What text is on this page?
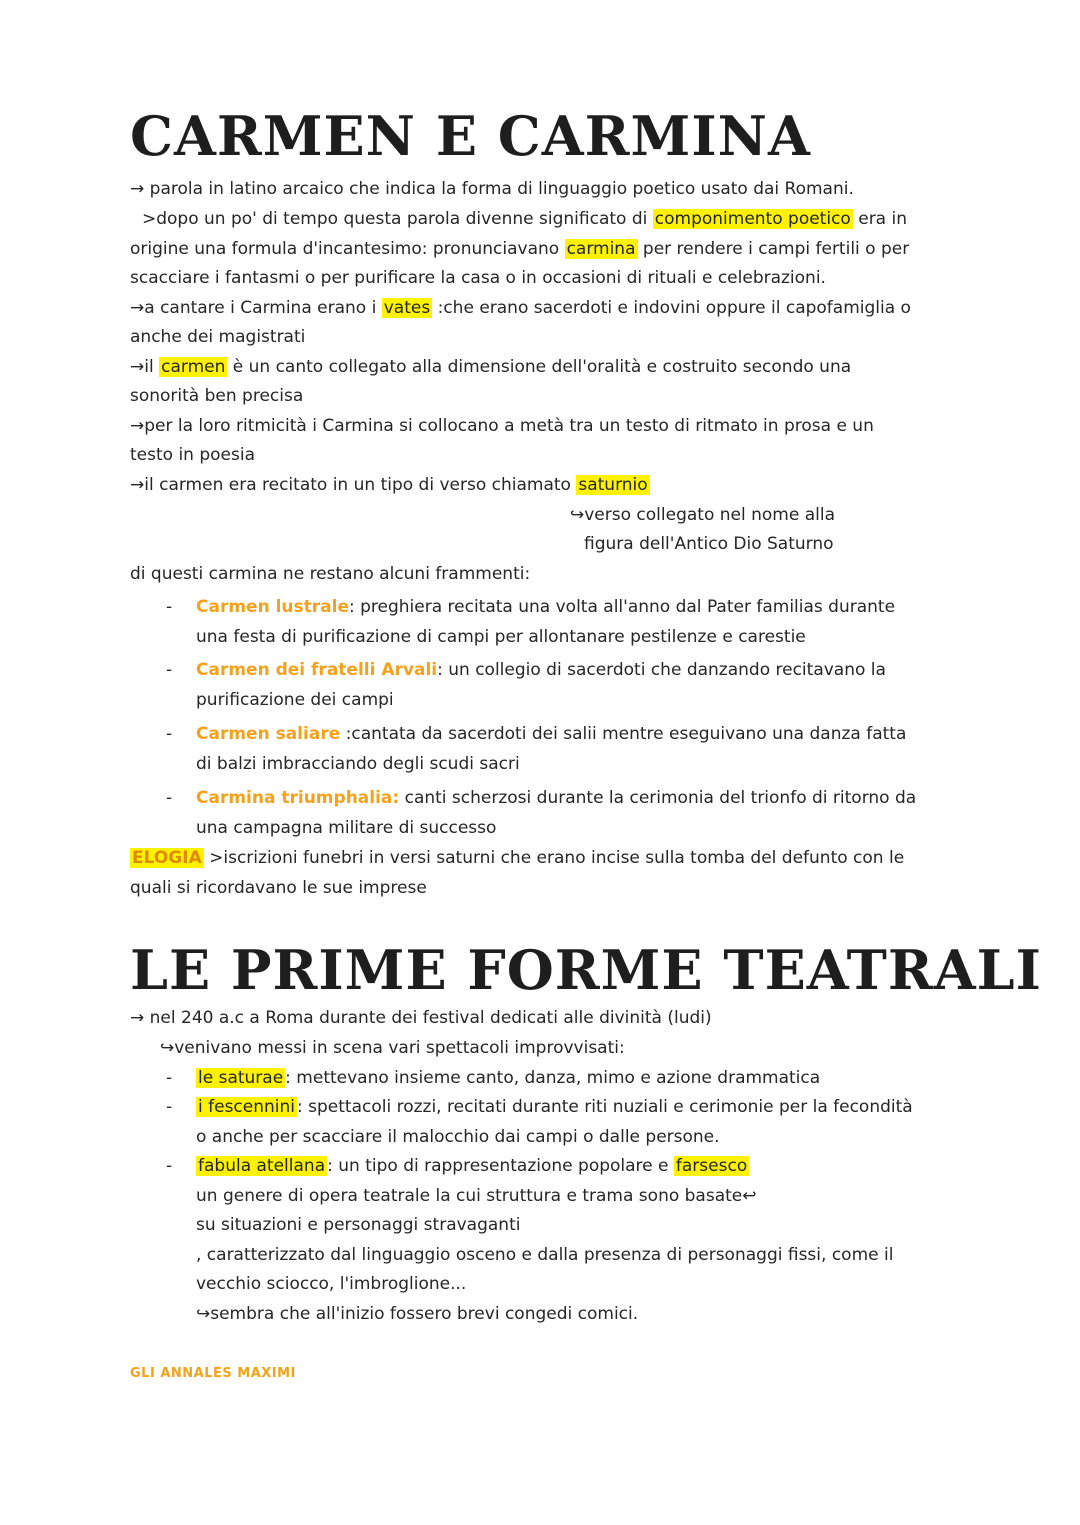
CARMEN E CARMINA
→ parola in latino arcaico che indica la forma di linguaggio poetico usato dai Romani.
>dopo un po' di tempo questa parola divenne significato di componimento poetico era in
origine una formula d'incantesimo: pronunciavano carmina per rendere i campi fertili o per
scacciare i fantasmi o per purificare la casa o in occasioni di rituali e celebrazioni.
→a cantare i Carmina erano i vates :che erano sacerdoti e indovini oppure il capofamiglia o
anche dei magistrati
→il carmen è un canto collegato alla dimensione dell'oralità e costruito secondo una
sonorità ben precisa
→per la loro ritmicità i Carmina si collocano a metà tra un testo di ritmato in prosa e un
testo in poesia
→il carmen era recitato in un tipo di verso chiamato saturnio
↪verso collegato nel nome alla
figura dell'Antico Dio Saturno
di questi carmina ne restano alcuni frammenti:
- Carmen lustrale: preghiera recitata una volta all'anno dal Pater familias durante
una festa di purificazione di campi per allontanare pestilenze e carestie
- Carmen dei fratelli Arvali: un collegio di sacerdoti che danzando recitavano la
purificazione dei campi
- Carmen saliare :cantata da sacerdoti dei salii mentre eseguivano una danza fatta
di balzi imbracciando degli scudi sacri
- Carmina triumphalia: canti scherzosi durante la cerimonia del trionfo di ritorno da
una campagna militare di successo
ELOGIA >iscrizioni funebri in versi saturni che erano incise sulla tomba del defunto con le
quali si ricordavano le sue imprese
LE PRIME FORME TEATRALI
→ nel 240 a.c a Roma durante dei festival dedicati alle divinità (ludi)
↪venivano messi in scena vari spettacoli improvvisati:
- le saturae : mettevano insieme canto, danza, mimo e azione drammatica
- i fescennini : spettacoli rozzi, recitati durante riti nuziali e cerimonie per la fecondità
o anche per scacciare il malocchio dai campi o dalle persone.
- fabula atellana : un tipo di rappresentazione popolare e farsesco
un genere di opera teatrale la cui struttura e trama sono basate↩
su situazioni e personaggi stravaganti
, caratterizzato dal linguaggio osceno e dalla presenza di personaggi fissi, come il
vecchio sciocco, l'imbroglione...
↪sembra che all'inizio fossero brevi congedi comici.
GLI ANNALES MAXIMI
